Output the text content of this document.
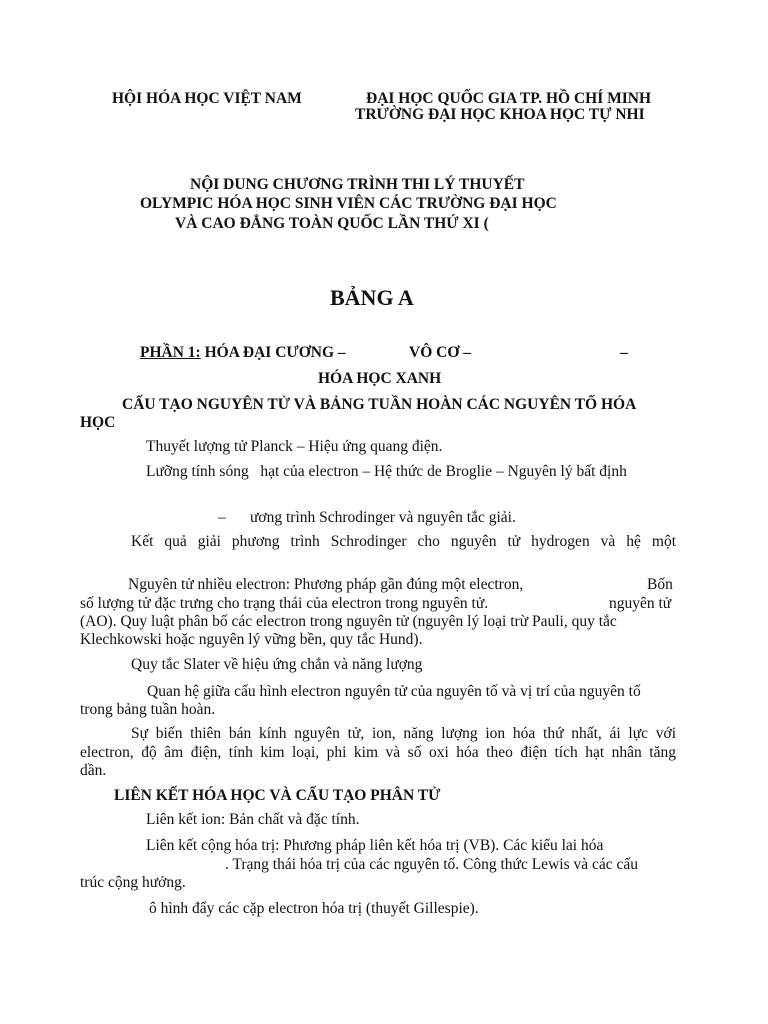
HỘI HÓA HỌC VIỆT NAM	ĐẠI HỌC QUỐC GIA TP. HỒ CHÍ MINH
TRƯỜNG ĐẠI HỌC KHOA HỌC TỰ NHI
NỘI DUNG CHƯƠNG TRÌNH THI LÝ THUYẾT
OLYMPIC HÓA HỌC SINH VIÊN CÁC TRƯỜNG ĐẠI HỌC
VÀ CAO ĐẲNG TOÀN QUỐC LẦN THỨ XI (
BẢNG A
PHẦN 1: HÓA ĐẠI CƯƠNG –	VÔ CƠ –	–
HÓA HỌC XANH
CẤU TẠO NGUYÊN TỬ VÀ BẢNG TUẦN HOÀN CÁC NGUYÊN TỐ HÓA
HỌC
Thuyết lượng tử Planck – Hiệu ứng quang điện.
Lưỡng tính sóng   hạt của electron – Hệ thức de Broglie – Nguyên lý bất định
– ương trình Schrodinger và nguyên tắc giải.
Kết quả giải phương trình Schrodinger cho nguyên tử hydrogen và hệ một
Nguyên tử nhiều electron: Phương pháp gần đúng một electron,	Bốn
số lượng tử đặc trưng cho trạng thái của electron trong nguyên tử.	nguyên tử
(AO). Quy luật phân bố các electron trong nguyên tử (nguyên lý loại trừ Pauli, quy tắc
Klechkowski hoặc nguyên lý vững bền, quy tắc Hund).
Quy tắc Slater về hiệu ứng chắn và năng lượng
Quan hệ giữa cấu hình electron nguyên tử của nguyên tố và vị trí của nguyên tố
trong bảng tuần hoàn.
Sự biến thiên bán kính nguyên tử, ion, năng lượng ion hóa thứ nhất, ái lực với
electron, độ âm điện, tính kim loại, phi kim và số oxi hóa theo điện tích hạt nhân tăng
dần.
LIÊN KẾT HÓA HỌC VÀ CẤU TẠO PHÂN TỬ
Liên kết ion: Bản chất và đặc tính.
Liên kết cộng hóa trị: Phương pháp liên kết hóa trị (VB). Các kiểu lai hóa
. Trạng thái hóa trị của các nguyên tố. Công thức Lewis và các cấu
trúc cộng hưởng.
ô hình đẩy các cặp electron hóa trị (thuyết Gillespie).
